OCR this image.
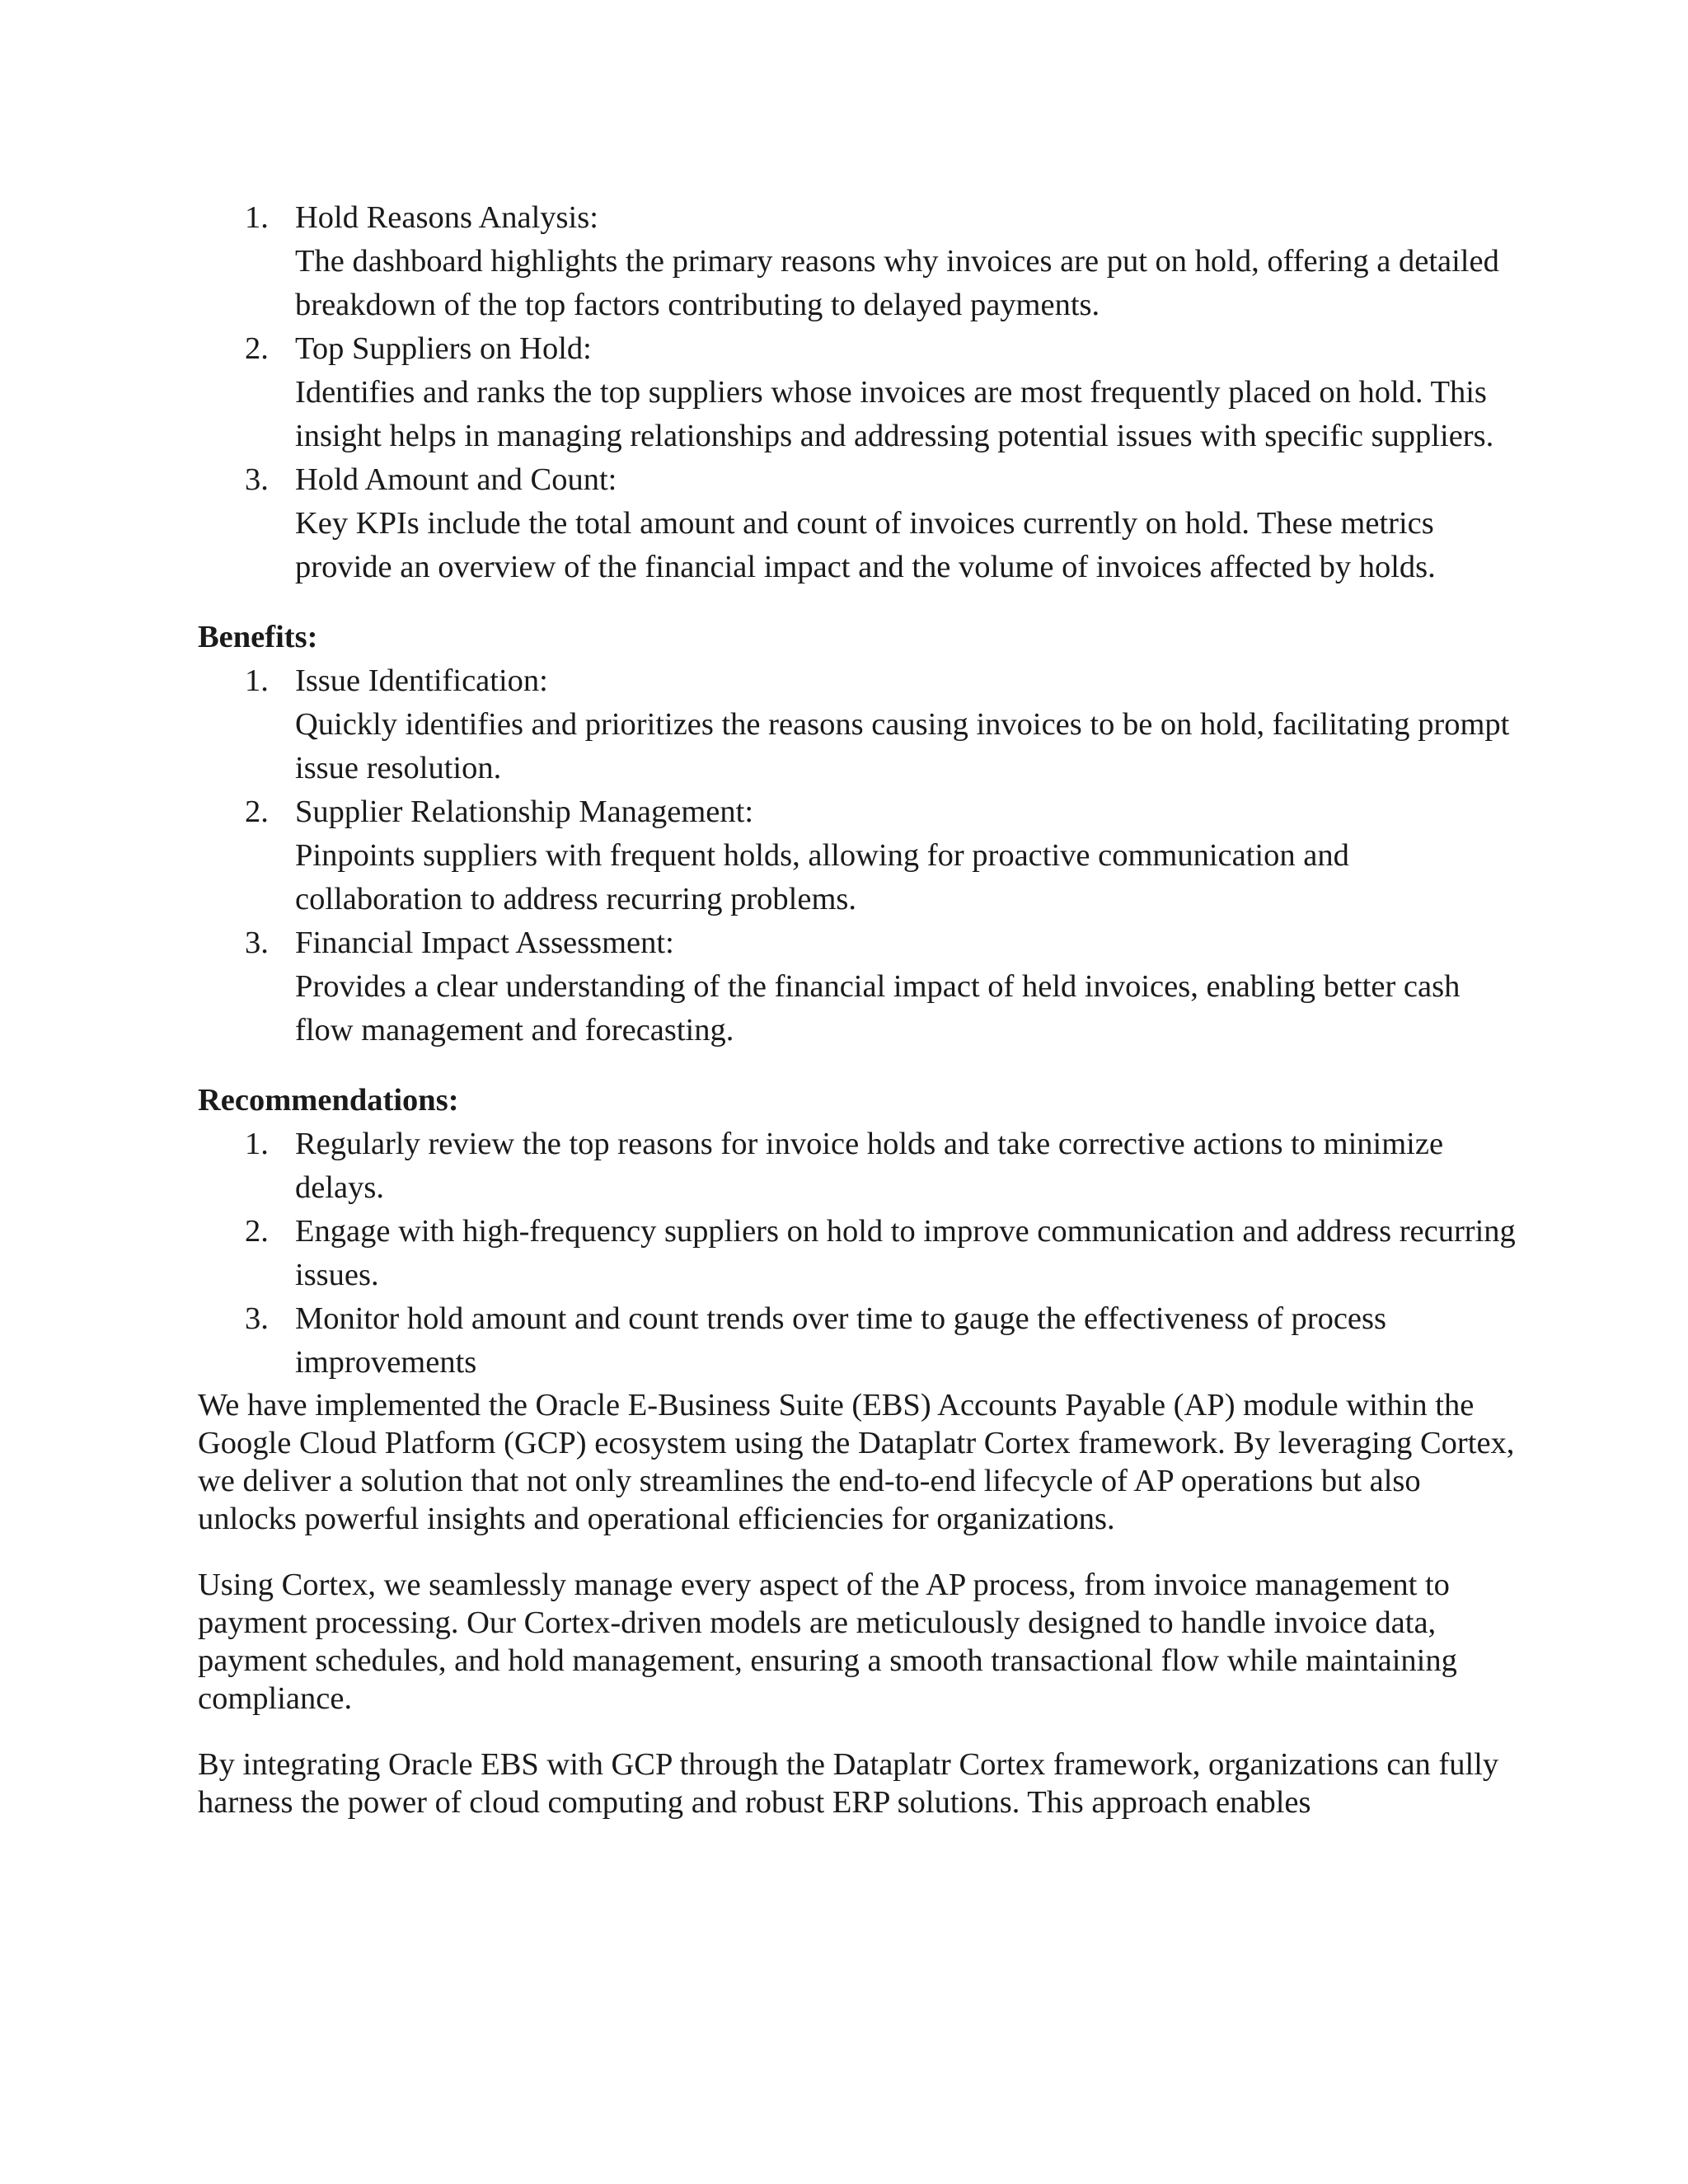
1. Hold Reasons Analysis:
The dashboard highlights the primary reasons why invoices are put on hold, offering a detailed breakdown of the top factors contributing to delayed payments.
2. Top Suppliers on Hold:
Identifies and ranks the top suppliers whose invoices are most frequently placed on hold. This insight helps in managing relationships and addressing potential issues with specific suppliers.
3. Hold Amount and Count:
Key KPIs include the total amount and count of invoices currently on hold. These metrics provide an overview of the financial impact and the volume of invoices affected by holds.
Benefits:
1. Issue Identification:
Quickly identifies and prioritizes the reasons causing invoices to be on hold, facilitating prompt issue resolution.
2. Supplier Relationship Management:
Pinpoints suppliers with frequent holds, allowing for proactive communication and collaboration to address recurring problems.
3. Financial Impact Assessment:
Provides a clear understanding of the financial impact of held invoices, enabling better cash flow management and forecasting.
Recommendations:
1. Regularly review the top reasons for invoice holds and take corrective actions to minimize delays.
2. Engage with high-frequency suppliers on hold to improve communication and address recurring issues.
3. Monitor hold amount and count trends over time to gauge the effectiveness of process improvements

We have implemented the Oracle E-Business Suite (EBS) Accounts Payable (AP) module within the Google Cloud Platform (GCP) ecosystem using the Dataplatr Cortex framework. By leveraging Cortex, we deliver a solution that not only streamlines the end-to-end lifecycle of AP operations but also unlocks powerful insights and operational efficiencies for organizations.

Using Cortex, we seamlessly manage every aspect of the AP process, from invoice management to payment processing. Our Cortex-driven models are meticulously designed to handle invoice data, payment schedules, and hold management, ensuring a smooth transactional flow while maintaining compliance.

By integrating Oracle EBS with GCP through the Dataplatr Cortex framework, organizations can fully harness the power of cloud computing and robust ERP solutions. This approach enables
